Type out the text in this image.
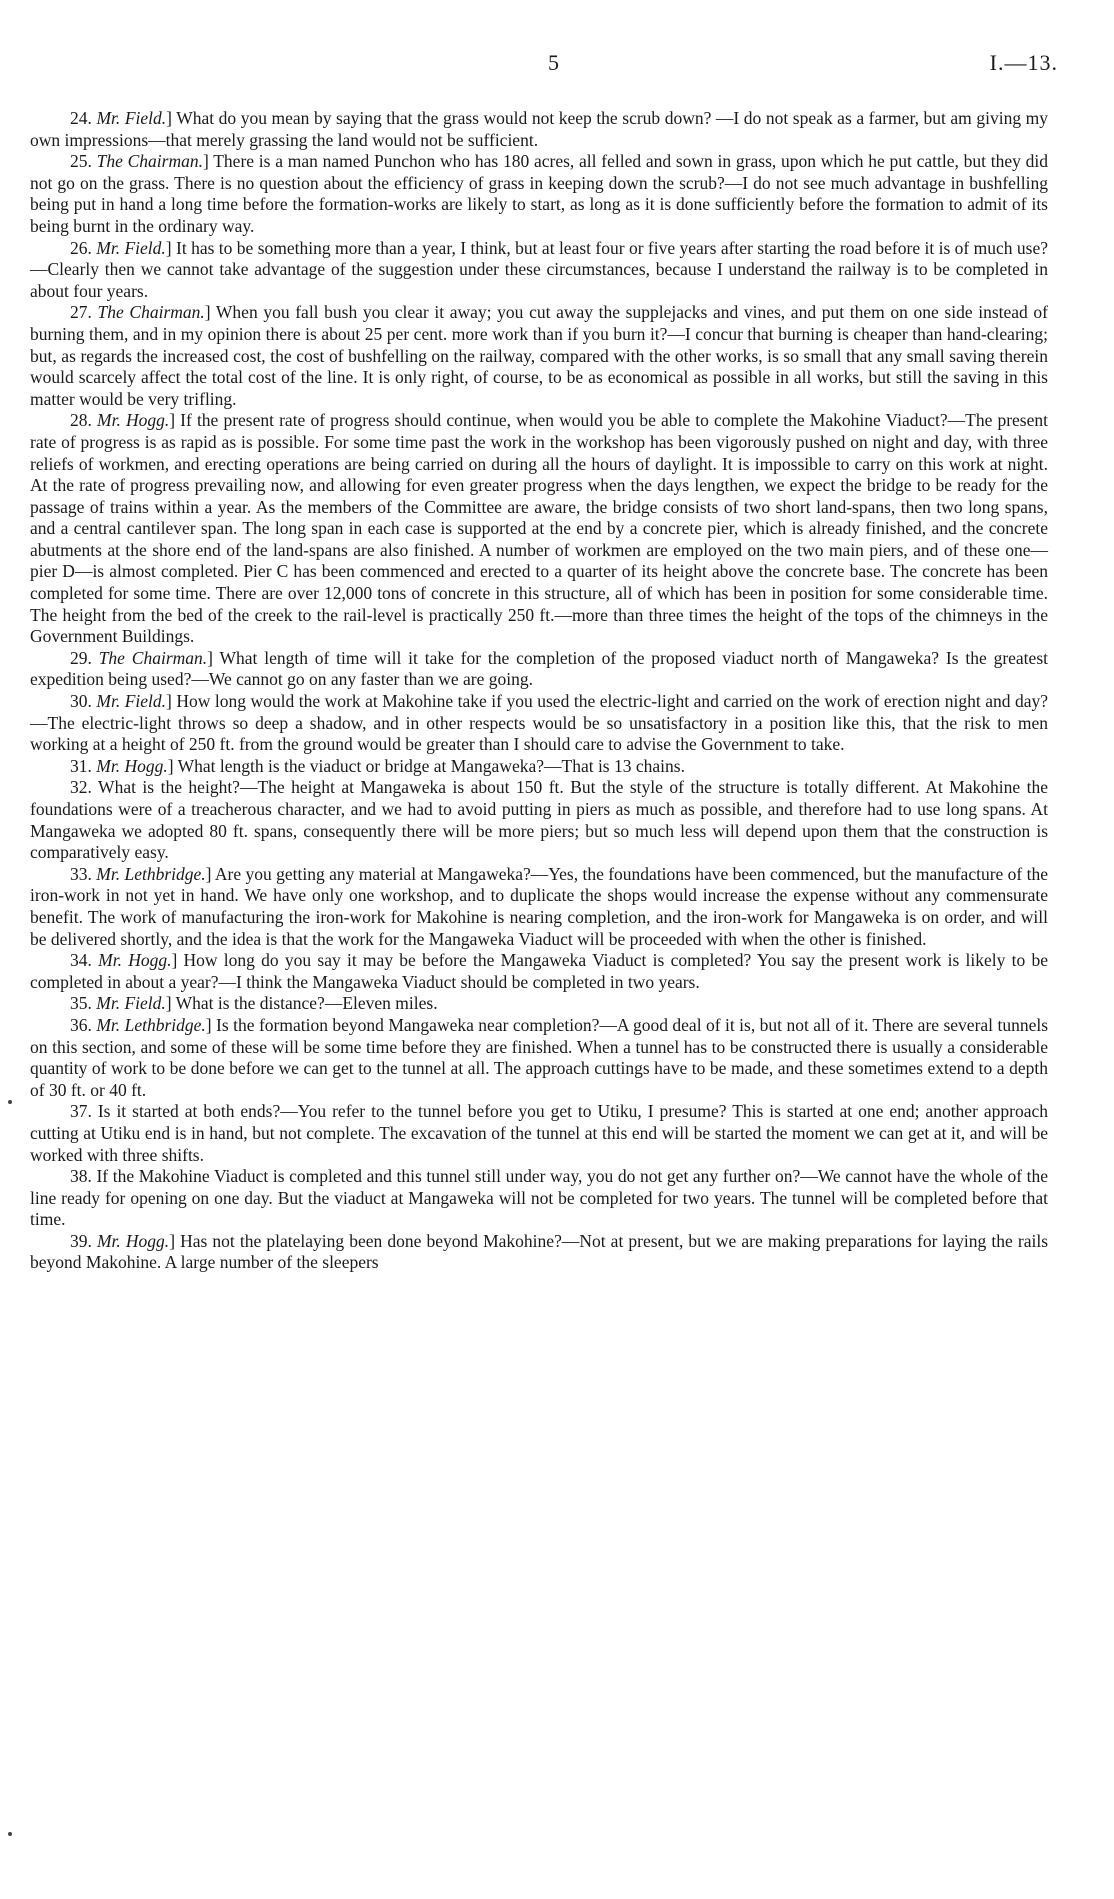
5	I.—13.

24. Mr. Field.] What do you mean by saying that the grass would not keep the scrub down? —I do not speak as a farmer, but am giving my own impressions—that merely grassing the land would not be sufficient.

25. The Chairman.] There is a man named Punchon who has 180 acres, all felled and sown in grass, upon which he put cattle, but they did not go on the grass. There is no question about the efficiency of grass in keeping down the scrub?—I do not see much advantage in bushfelling being put in hand a long time before the formation-works are likely to start, as long as it is done sufficiently before the formation to admit of its being burnt in the ordinary way.

26. Mr. Field.] It has to be something more than a year, I think, but at least four or five years after starting the road before it is of much use?—Clearly then we cannot take advantage of the suggestion under these circumstances, because I understand the railway is to be completed in about four years.

27. The Chairman.] When you fall bush you clear it away; you cut away the supplejacks and vines, and put them on one side instead of burning them, and in my opinion there is about 25 per cent. more work than if you burn it?—I concur that burning is cheaper than hand-clearing; but, as regards the increased cost, the cost of bushfelling on the railway, compared with the other works, is so small that any small saving therein would scarcely affect the total cost of the line. It is only right, of course, to be as economical as possible in all works, but still the saving in this matter would be very trifling.

28. Mr. Hogg.] If the present rate of progress should continue, when would you be able to complete the Makohine Viaduct?—The present rate of progress is as rapid as is possible. For some time past the work in the workshop has been vigorously pushed on night and day, with three reliefs of workmen, and erecting operations are being carried on during all the hours of daylight. It is impossible to carry on this work at night. At the rate of progress prevailing now, and allowing for even greater progress when the days lengthen, we expect the bridge to be ready for the passage of trains within a year. As the members of the Committee are aware, the bridge consists of two short land-spans, then two long spans, and a central cantilever span. The long span in each case is supported at the end by a concrete pier, which is already finished, and the concrete abutments at the shore end of the land-spans are also finished. A number of workmen are employed on the two main piers, and of these one—pier D—is almost completed. Pier C has been commenced and erected to a quarter of its height above the concrete base. The concrete has been completed for some time. There are over 12,000 tons of concrete in this structure, all of which has been in position for some considerable time. The height from the bed of the creek to the rail-level is practically 250 ft.—more than three times the height of the tops of the chimneys in the Government Buildings.

29. The Chairman.] What length of time will it take for the completion of the proposed viaduct north of Mangaweka? Is the greatest expedition being used?—We cannot go on any faster than we are going.

30. Mr. Field.] How long would the work at Makohine take if you used the electric-light and carried on the work of erection night and day?—The electric-light throws so deep a shadow, and in other respects would be so unsatisfactory in a position like this, that the risk to men working at a height of 250 ft. from the ground would be greater than I should care to advise the Government to take.

31. Mr. Hogg.] What length is the viaduct or bridge at Mangaweka?—That is 13 chains.

32. What is the height?—The height at Mangaweka is about 150 ft. But the style of the structure is totally different. At Makohine the foundations were of a treacherous character, and we had to avoid putting in piers as much as possible, and therefore had to use long spans. At Mangaweka we adopted 80 ft. spans, consequently there will be more piers; but so much less will depend upon them that the construction is comparatively easy.

33. Mr. Lethbridge.] Are you getting any material at Mangaweka?—Yes, the foundations have been commenced, but the manufacture of the iron-work in not yet in hand. We have only one workshop, and to duplicate the shops would increase the expense without any commensurate benefit. The work of manufacturing the iron-work for Makohine is nearing completion, and the iron-work for Mangaweka is on order, and will be delivered shortly, and the idea is that the work for the Mangaweka Viaduct will be proceeded with when the other is finished.

34. Mr. Hogg.] How long do you say it may be before the Mangaweka Viaduct is completed? You say the present work is likely to be completed in about a year?—I think the Mangaweka Viaduct should be completed in two years.

35. Mr. Field.] What is the distance?—Eleven miles.

36. Mr. Lethbridge.] Is the formation beyond Mangaweka near completion?—A good deal of it is, but not all of it. There are several tunnels on this section, and some of these will be some time before they are finished. When a tunnel has to be constructed there is usually a considerable quantity of work to be done before we can get to the tunnel at all. The approach cuttings have to be made, and these sometimes extend to a depth of 30 ft. or 40 ft.

37. Is it started at both ends?—You refer to the tunnel before you get to Utiku, I presume? This is started at one end; another approach cutting at Utiku end is in hand, but not complete. The excavation of the tunnel at this end will be started the moment we can get at it, and will be worked with three shifts.

38. If the Makohine Viaduct is completed and this tunnel still under way, you do not get any further on?—We cannot have the whole of the line ready for opening on one day. But the viaduct at Mangaweka will not be completed for two years. The tunnel will be completed before that time.

39. Mr. Hogg.] Has not the platelaying been done beyond Makohine?—Not at present, but we are making preparations for laying the rails beyond Makohine. A large number of the sleepers
